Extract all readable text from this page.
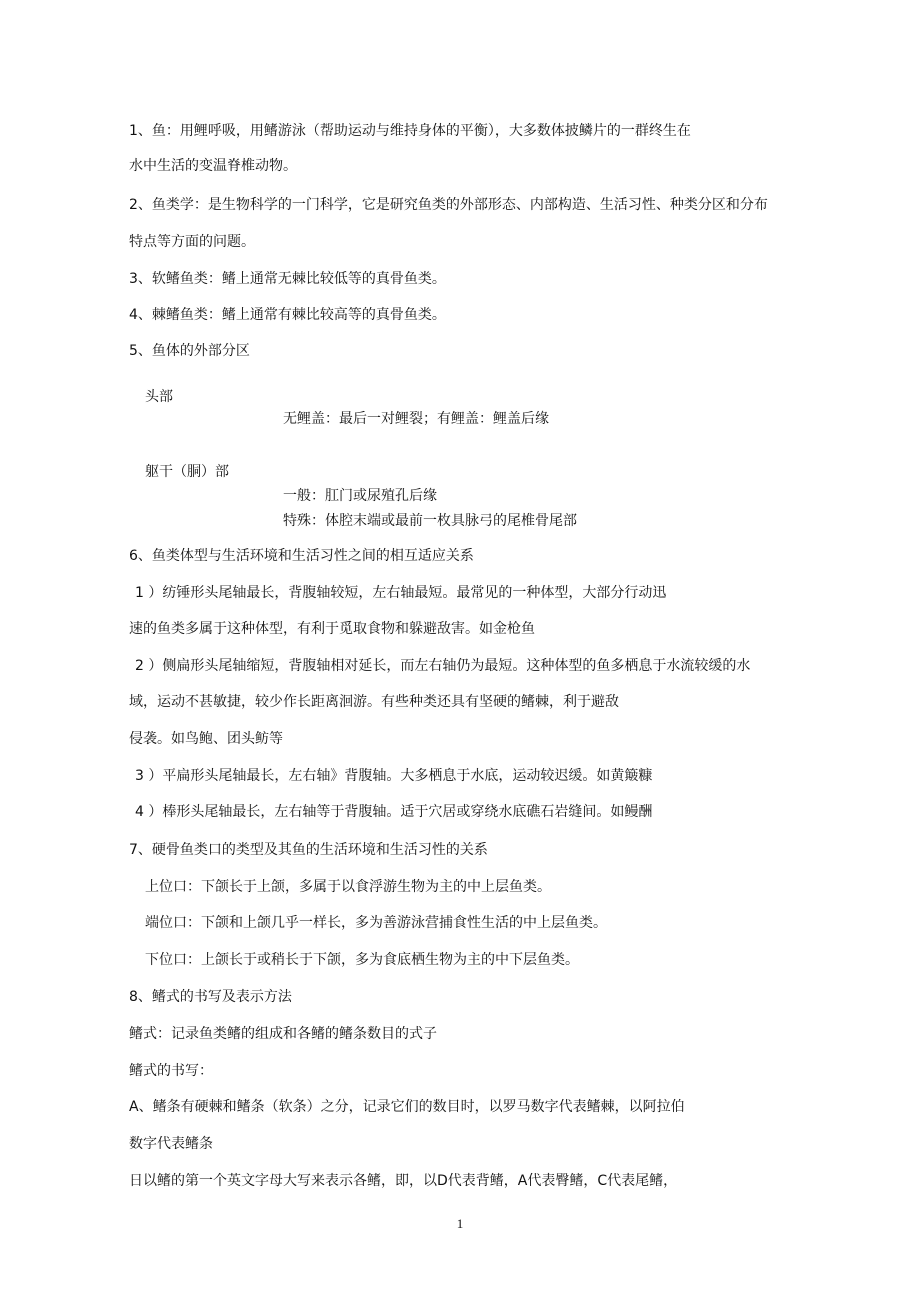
1、鱼：用鲤呼吸，用鳍游泳（帮助运动与维持身体的平衡），大多数体披鳞片的一群终生在
水中生活的变温脊椎动物。
2、鱼类学：是生物科学的一门科学，它是研究鱼类的外部形态、内部构造、生活习性、种类分区和分布
特点等方面的问题。
3、软鳍鱼类：鳍上通常无棘比较低等的真骨鱼类。
4、棘鳍鱼类：鳍上通常有棘比较高等的真骨鱼类。
5、鱼体的外部分区
头部
无鲤盖：最后一对鲤裂；有鲤盖：鲤盖后缘
躯干（胴）部
一般：肛门或尿殖孔后缘
特殊：体腔末端或最前一枚具脉弓的尾椎骨尾部
6、鱼类体型与生活环境和生活习性之间的相互适应关系
1 ）纺锤形头尾轴最长，背腹轴较短，左右轴最短。最常见的一种体型，大部分行动迅
速的鱼类多属于这种体型，有利于觅取食物和躲避敌害。如金枪鱼
2 ）侧扁形头尾轴缩短，背腹轴相对延长，而左右轴仍为最短。这种体型的鱼多栖息于水流较缓的水
域，运动不甚敏捷，较少作长距离洄游。有些种类还具有坚硬的鳍棘，利于避敌
侵袭。如鸟鲍、团头鲂等
3 ）平扁形头尾轴最长，左右轴》背腹轴。大多栖息于水底，运动较迟缓。如黄簸糠
4 ）棒形头尾轴最长，左右轴等于背腹轴。适于穴居或穿绕水底礁石岩缝间。如鳗酬
7、硬骨鱼类口的类型及其鱼的生活环境和生活习性的关系
上位口：下颌长于上颌，多属于以食浮游生物为主的中上层鱼类。
端位口：下颌和上颌几乎一样长，多为善游泳营捕食性生活的中上层鱼类。
下位口：上颌长于或稍长于下颌，多为食底栖生物为主的中下层鱼类。
8、鳍式的书写及表示方法
鳍式：记录鱼类鳍的组成和各鳍的鳍条数目的式子
鳍式的书写：
A、鳍条有硬棘和鳍条（软条）之分，记录它们的数目时，以罗马数字代表鳍棘，以阿拉伯
数字代表鳍条
日以鳍的第一个英文字母大写来表示各鳍，即，以D代表背鳍，A代表臀鳍，C代表尾鳍，
1
